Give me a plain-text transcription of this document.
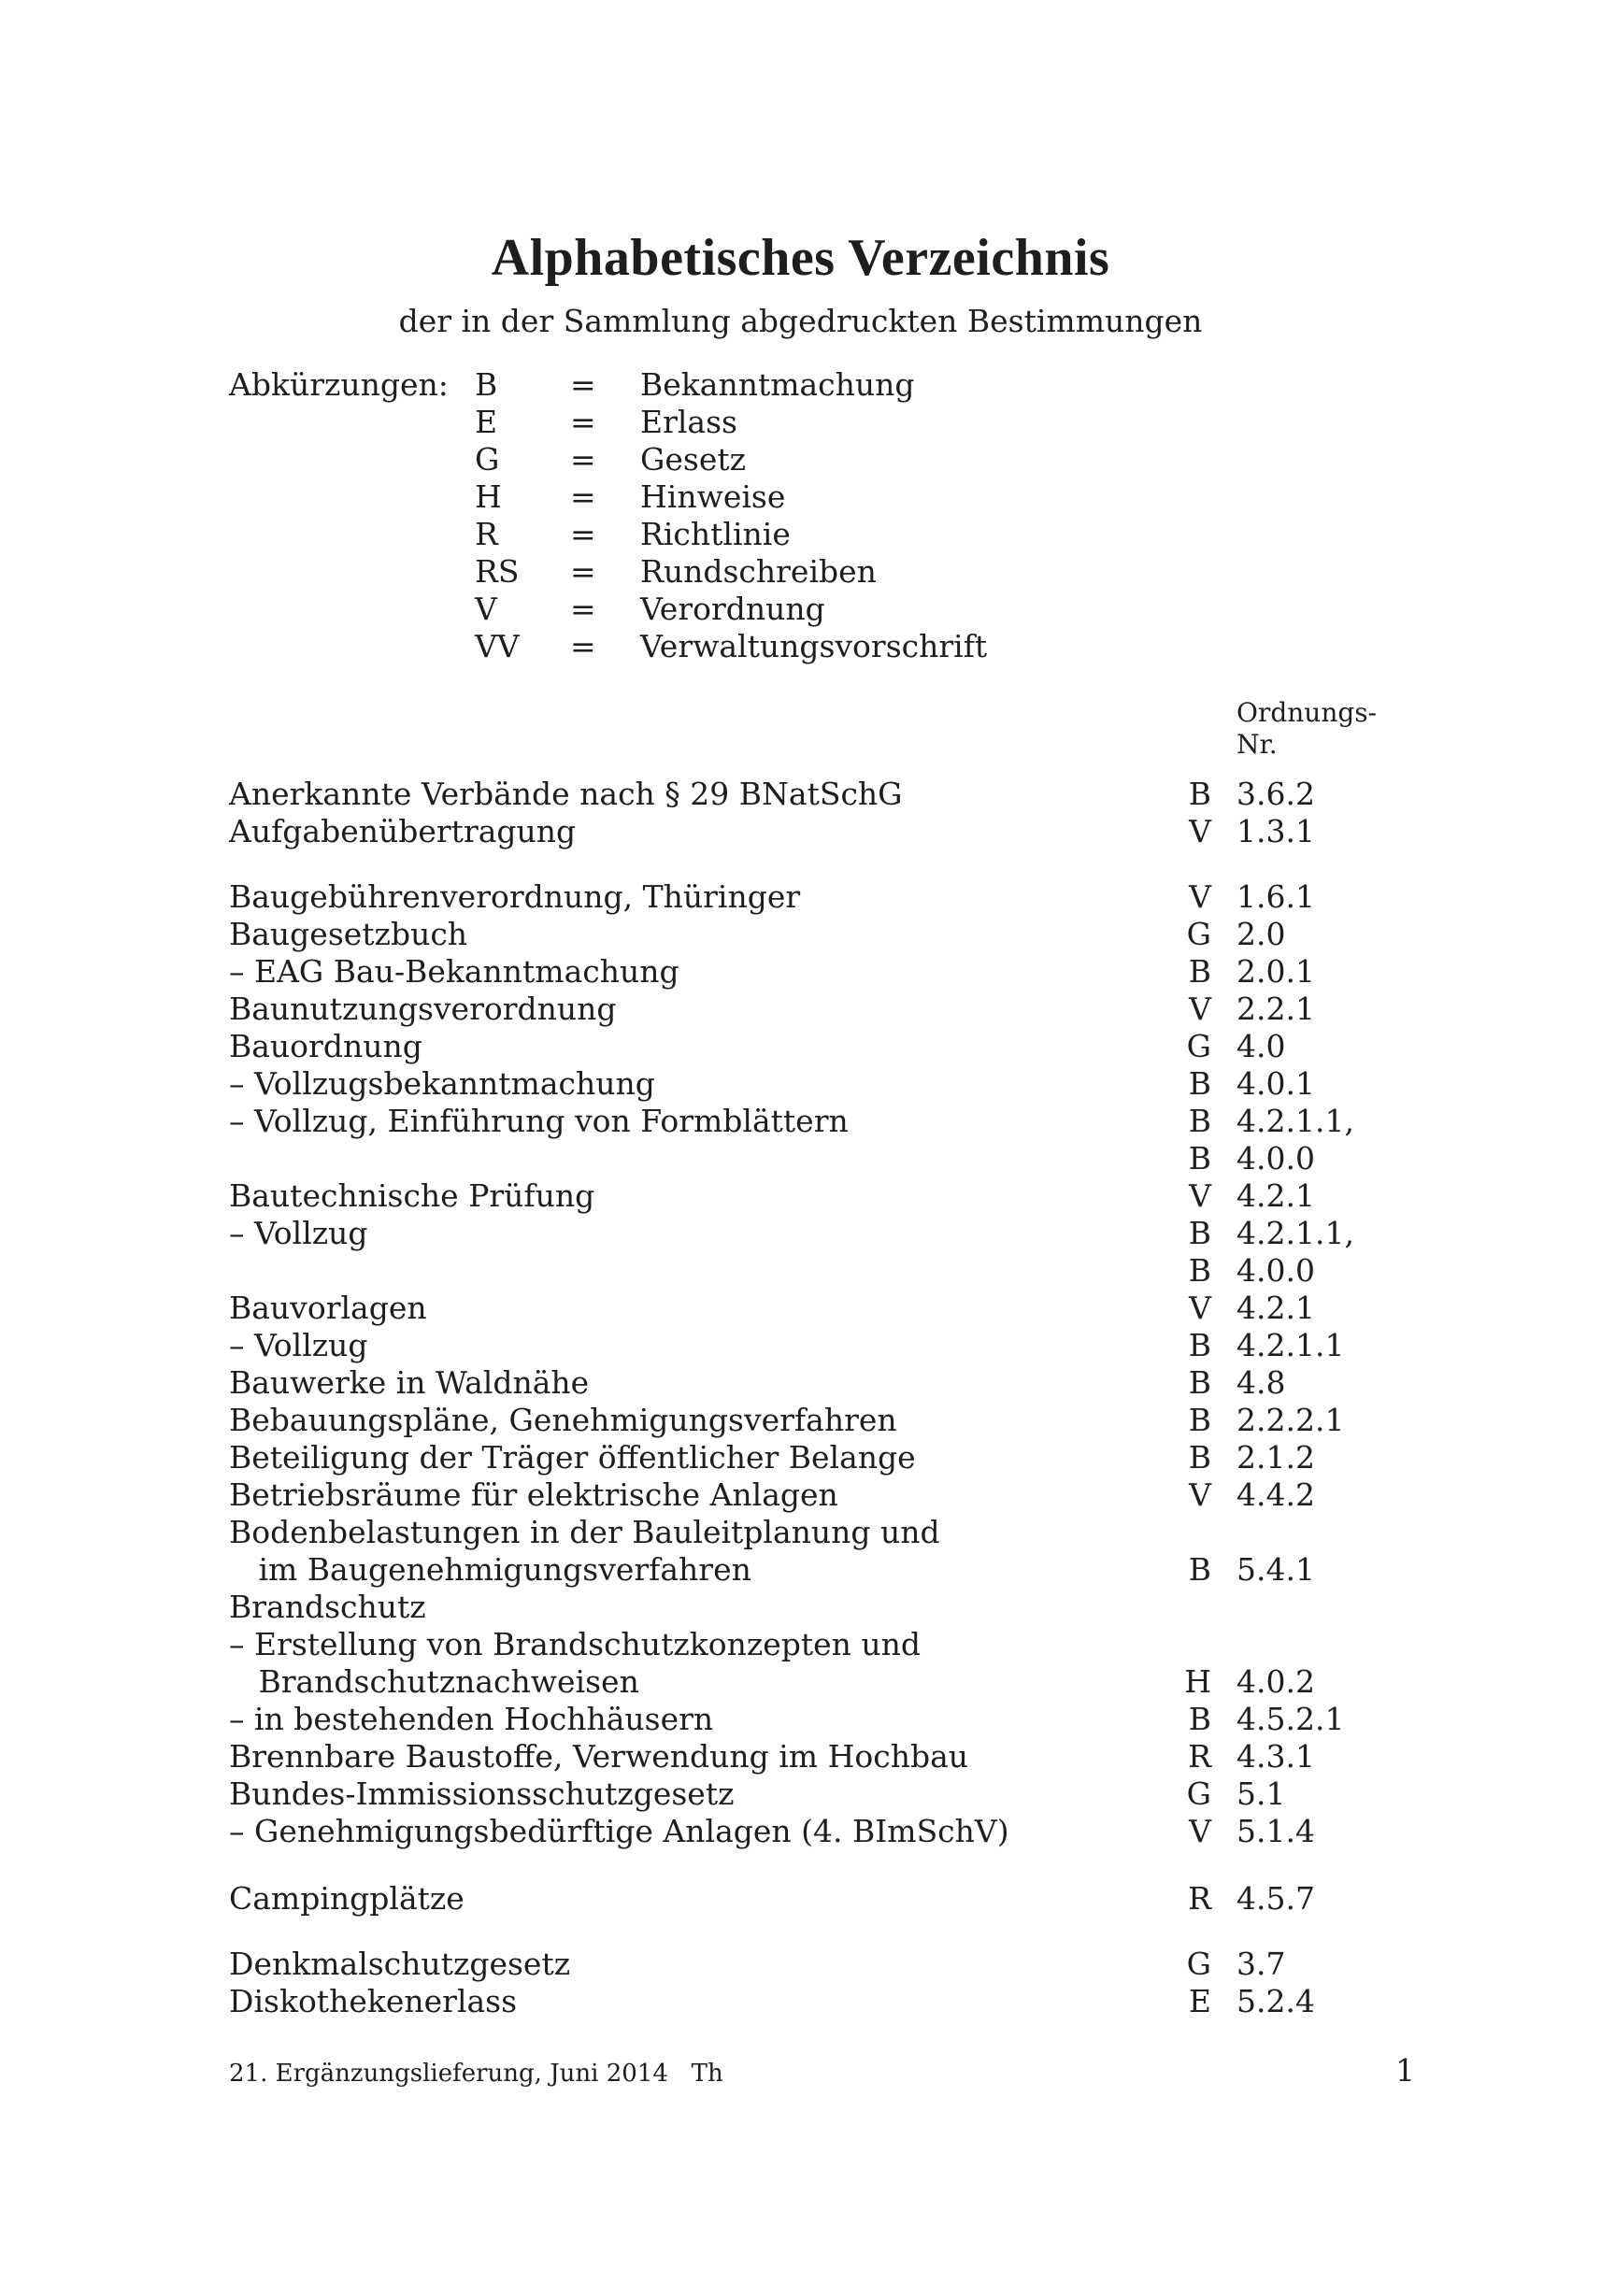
Alphabetisches Verzeichnis
der in der Sammlung abgedruckten Bestimmungen
Abkürzungen: B = Bekanntmachung
E = Erlass
G = Gesetz
H = Hinweise
R = Richtlinie
RS = Rundschreiben
V = Verordnung
VV = Verwaltungsvorschrift
Ordnungs-
Nr.
Anerkannte Verbände nach § 29 BNatSchG	B 3.6.2
Aufgabenübertragung	V 1.3.1
Baugebührenverordnung, Thüringer	V 1.6.1
Baugesetzbuch	G 2.0
– EAG Bau-Bekanntmachung	B 2.0.1
Baunutzungsverordnung	V 2.2.1
Bauordnung	G 4.0
– Vollzugsbekanntmachung	B 4.0.1
– Vollzug, Einführung von Formblättern	B 4.2.1.1,
B 4.0.0
Bautechnische Prüfung	V 4.2.1
– Vollzug	B 4.2.1.1,
B 4.0.0
Bauvorlagen	V 4.2.1
– Vollzug	B 4.2.1.1
Bauwerke in Waldnähe	B 4.8
Bebauungspläne, Genehmigungsverfahren	B 2.2.2.1
Beteiligung der Träger öffentlicher Belange	B 2.1.2
Betriebsräume für elektrische Anlagen	V 4.4.2
Bodenbelastungen in der Bauleitplanung und
im Baugenehmigungsverfahren	B 5.4.1
Brandschutz
– Erstellung von Brandschutzkonzepten und
Brandschutznachweisen	H 4.0.2
– in bestehenden Hochhäusern	B 4.5.2.1
Brennbare Baustoffe, Verwendung im Hochbau	R 4.3.1
Bundes-Immissionsschutzgesetz	G 5.1
– Genehmigungsbedürftige Anlagen (4. BImSchV)	V 5.1.4
Campingplätze	R 4.5.7
Denkmalschutzgesetz	G 3.7
Diskothekenerlass	E 5.2.4
21. Ergänzungslieferung, Juni 2014   Th	1
